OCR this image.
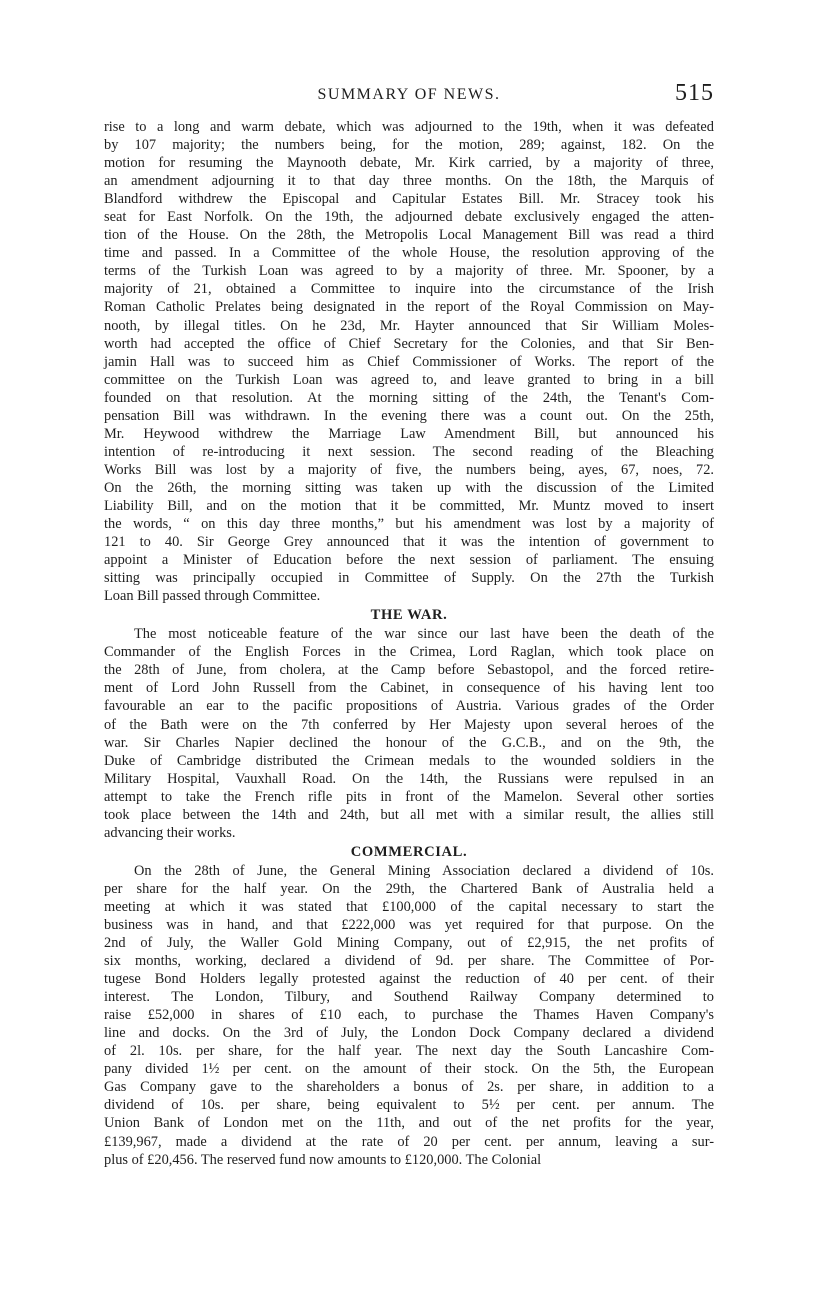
SUMMARY OF NEWS.	515
rise to a long and warm debate, which was adjourned to the 19th, when it was defeated
by 107 majority; the numbers being, for the motion, 289; against, 182. On the
motion for resuming the Maynooth debate, Mr. Kirk carried, by a majority of three,
an amendment adjourning it to that day three months. On the 18th, the Marquis of
Blandford withdrew the Episcopal and Capitular Estates Bill. Mr. Stracey took his
seat for East Norfolk. On the 19th, the adjourned debate exclusively engaged the atten-
tion of the House. On the 28th, the Metropolis Local Management Bill was read a third
time and passed. In a Committee of the whole House, the resolution approving of the
terms of the Turkish Loan was agreed to by a majority of three. Mr. Spooner, by a
majority of 21, obtained a Committee to inquire into the circumstance of the Irish
Roman Catholic Prelates being designated in the report of the Royal Commission on May-
nooth, by illegal titles. On he 23d, Mr. Hayter announced that Sir William Moles-
worth had accepted the office of Chief Secretary for the Colonies, and that Sir Ben-
jamin Hall was to succeed him as Chief Commissioner of Works. The report of the
committee on the Turkish Loan was agreed to, and leave granted to bring in a bill
founded on that resolution. At the morning sitting of the 24th, the Tenant's Com-
pensation Bill was withdrawn. In the evening there was a count out. On the 25th,
Mr. Heywood withdrew the Marriage Law Amendment Bill, but announced his
intention of re-introducing it next session. The second reading of the Bleaching
Works Bill was lost by a majority of five, the numbers being, ayes, 67, noes, 72.
On the 26th, the morning sitting was taken up with the discussion of the Limited
Liability Bill, and on the motion that it be committed, Mr. Muntz moved to insert
the words, “ on this day three months,” but his amendment was lost by a majority of
121 to 40. Sir George Grey announced that it was the intention of government to
appoint a Minister of Education before the next session of parliament. The ensuing
sitting was principally occupied in Committee of Supply. On the 27th the Turkish
Loan Bill passed through Committee.
THE WAR.
The most noticeable feature of the war since our last have been the death of the
Commander of the English Forces in the Crimea, Lord Raglan, which took place on
the 28th of June, from cholera, at the Camp before Sebastopol, and the forced retire-
ment of Lord John Russell from the Cabinet, in consequence of his having lent too
favourable an ear to the pacific propositions of Austria. Various grades of the Order
of the Bath were on the 7th conferred by Her Majesty upon several heroes of the
war. Sir Charles Napier declined the honour of the G.C.B., and on the 9th, the
Duke of Cambridge distributed the Crimean medals to the wounded soldiers in the
Military Hospital, Vauxhall Road. On the 14th, the Russians were repulsed in an
attempt to take the French rifle pits in front of the Mamelon. Several other sorties
took place between the 14th and 24th, but all met with a similar result, the allies still
advancing their works.
COMMERCIAL.
On the 28th of June, the General Mining Association declared a dividend of 10s.
per share for the half year. On the 29th, the Chartered Bank of Australia held a
meeting at which it was stated that £100,000 of the capital necessary to start the
business was in hand, and that £222,000 was yet required for that purpose. On the
2nd of July, the Waller Gold Mining Company, out of £2,915, the net profits of
six months, working, declared a dividend of 9d. per share. The Committee of Por-
tugese Bond Holders legally protested against the reduction of 40 per cent. of their
interest. The London, Tilbury, and Southend Railway Company determined to
raise £52,000 in shares of £10 each, to purchase the Thames Haven Company's
line and docks. On the 3rd of July, the London Dock Company declared a dividend
of 2l. 10s. per share, for the half year. The next day the South Lancashire Com-
pany divided 1½ per cent. on the amount of their stock. On the 5th, the European
Gas Company gave to the shareholders a bonus of 2s. per share, in addition to a
dividend of 10s. per share, being equivalent to 5½ per cent. per annum. The
Union Bank of London met on the 11th, and out of the net profits for the year,
£139,967, made a dividend at the rate of 20 per cent. per annum, leaving a sur-
plus of £20,456. The reserved fund now amounts to £120,000. The Colonial
